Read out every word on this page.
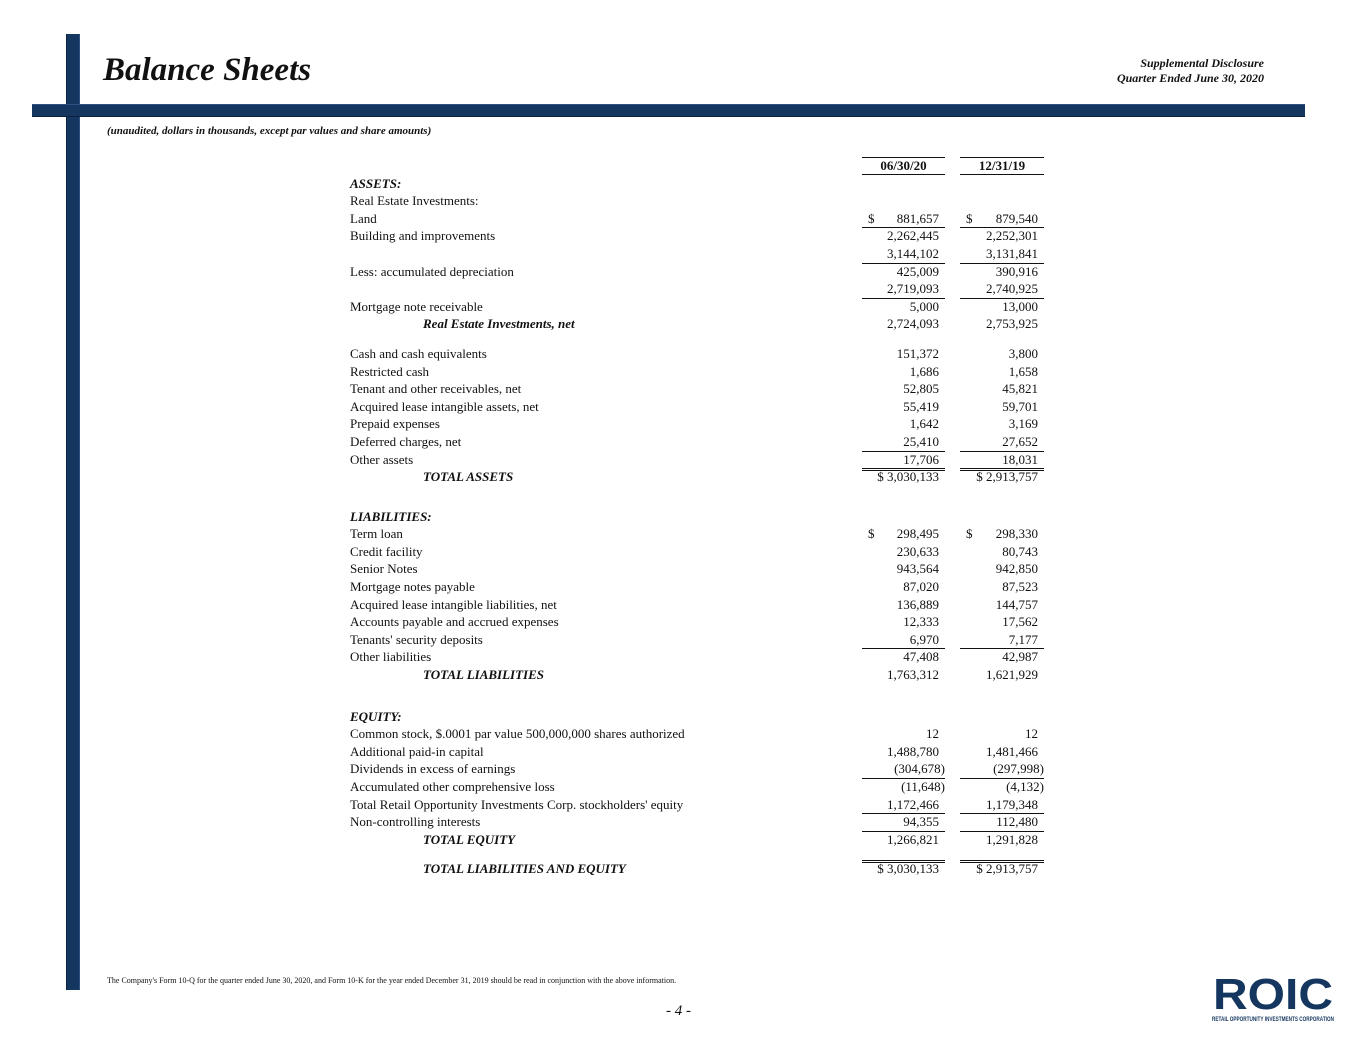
Balance Sheets	Supplemental Disclosure
Quarter Ended June 30, 2020
(unaudited, dollars in thousands, except par values and share amounts)
06/30/20	12/31/19
ASSETS:
Real Estate Investments:
Land	$ 881,657 $ 879,540
Building and improvements	2,262,445	2,252,301
3,144,102	3,131,841
Less: accumulated depreciation	425,009	390,916
2,719,093	2,740,925
Mortgage note receivable	5,000	13,000
Real Estate Investments, net	2,724,093	2,753,925
Cash and cash equivalents	151,372	3,800
Restricted cash	1,686	1,658
Tenant and other receivables, net	52,805	45,821
Acquired lease intangible assets, net	55,419	59,701
Prepaid expenses	1,642	3,169
Deferred charges, net	25,410	27,652
Other assets	17,706	18,031
TOTAL ASSETS	$ 3,030,133	$ 2,913,757
LIABILITIES:
Term loan	$ 298,495 $ 298,330
Credit facility	230,633	80,743
Senior Notes	943,564	942,850
Mortgage notes payable	87,020	87,523
Acquired lease intangible liabilities, net	136,889	144,757
Accounts payable and accrued expenses	12,333	17,562
Tenants' security deposits	6,970	7,177
Other liabilities	47,408	42,987
TOTAL LIABILITIES	1,763,312	1,621,929
EQUITY:
Common stock, $.0001 par value 500,000,000 shares authorized	12	12
Additional paid-in capital	1,488,780	1,481,466
Dividends in excess of earnings	(304,678)	(297,998)
Accumulated other comprehensive loss	(11,648)	(4,132)
Total Retail Opportunity Investments Corp. stockholders' equity	1,172,466	1,179,348
Non-controlling interests	94,355	112,480
TOTAL EQUITY	1,266,821	1,291,828
TOTAL LIABILITIES AND EQUITY	$ 3,030,133	$ 2,913,757
The Company's Form 10-Q for the quarter ended June 30, 2020, and Form 10-K for the year ended December 31, 2019 should be read in conjunction with the above information.
- 4 -	ROIC
RETAIL OPPORTUNITY INVESTMENTS CORPORATION
